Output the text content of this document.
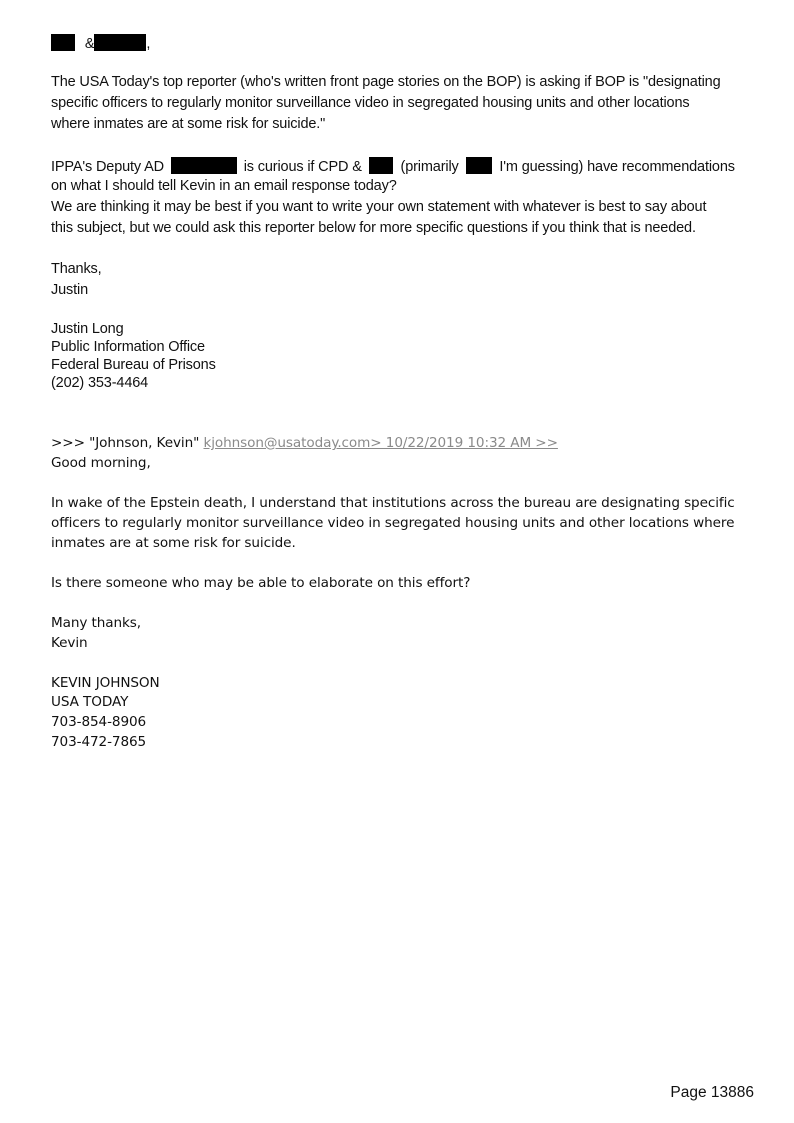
&	,
The USA Today's top reporter (who's written front page stories on the BOP) is asking if BOP is "designating
specific officers to regularly monitor surveillance video in segregated housing units and other locations
where inmates are at some risk for suicide."
IPPA's Deputy AD	is curious if CPD &	(primarily	I'm guessing) have recommendations
on what I should tell Kevin in an email response today?
We are thinking it may be best if you want to write your own statement with whatever is best to say about
this subject, but we could ask this reporter below for more specific questions if you think that is needed.
Thanks,
Justin
Justin Long
Public Information Office
Federal Bureau of Prisons
(202) 353-4464
>>> "Johnson, Kevin" kjohnson@usatoday.com> 10/22/2019 10:32 AM >>
Good morning,
In wake of the Epstein death, I understand that institutions across the bureau are designating specific
officers to regularly monitor surveillance video in segregated housing units and other locations where
inmates are at some risk for suicide.
Is there someone who may be able to elaborate on this effort?
Many thanks,
Kevin
KEVIN JOHNSON
USA TODAY
703-854-8906
703-472-7865
Page 13886
